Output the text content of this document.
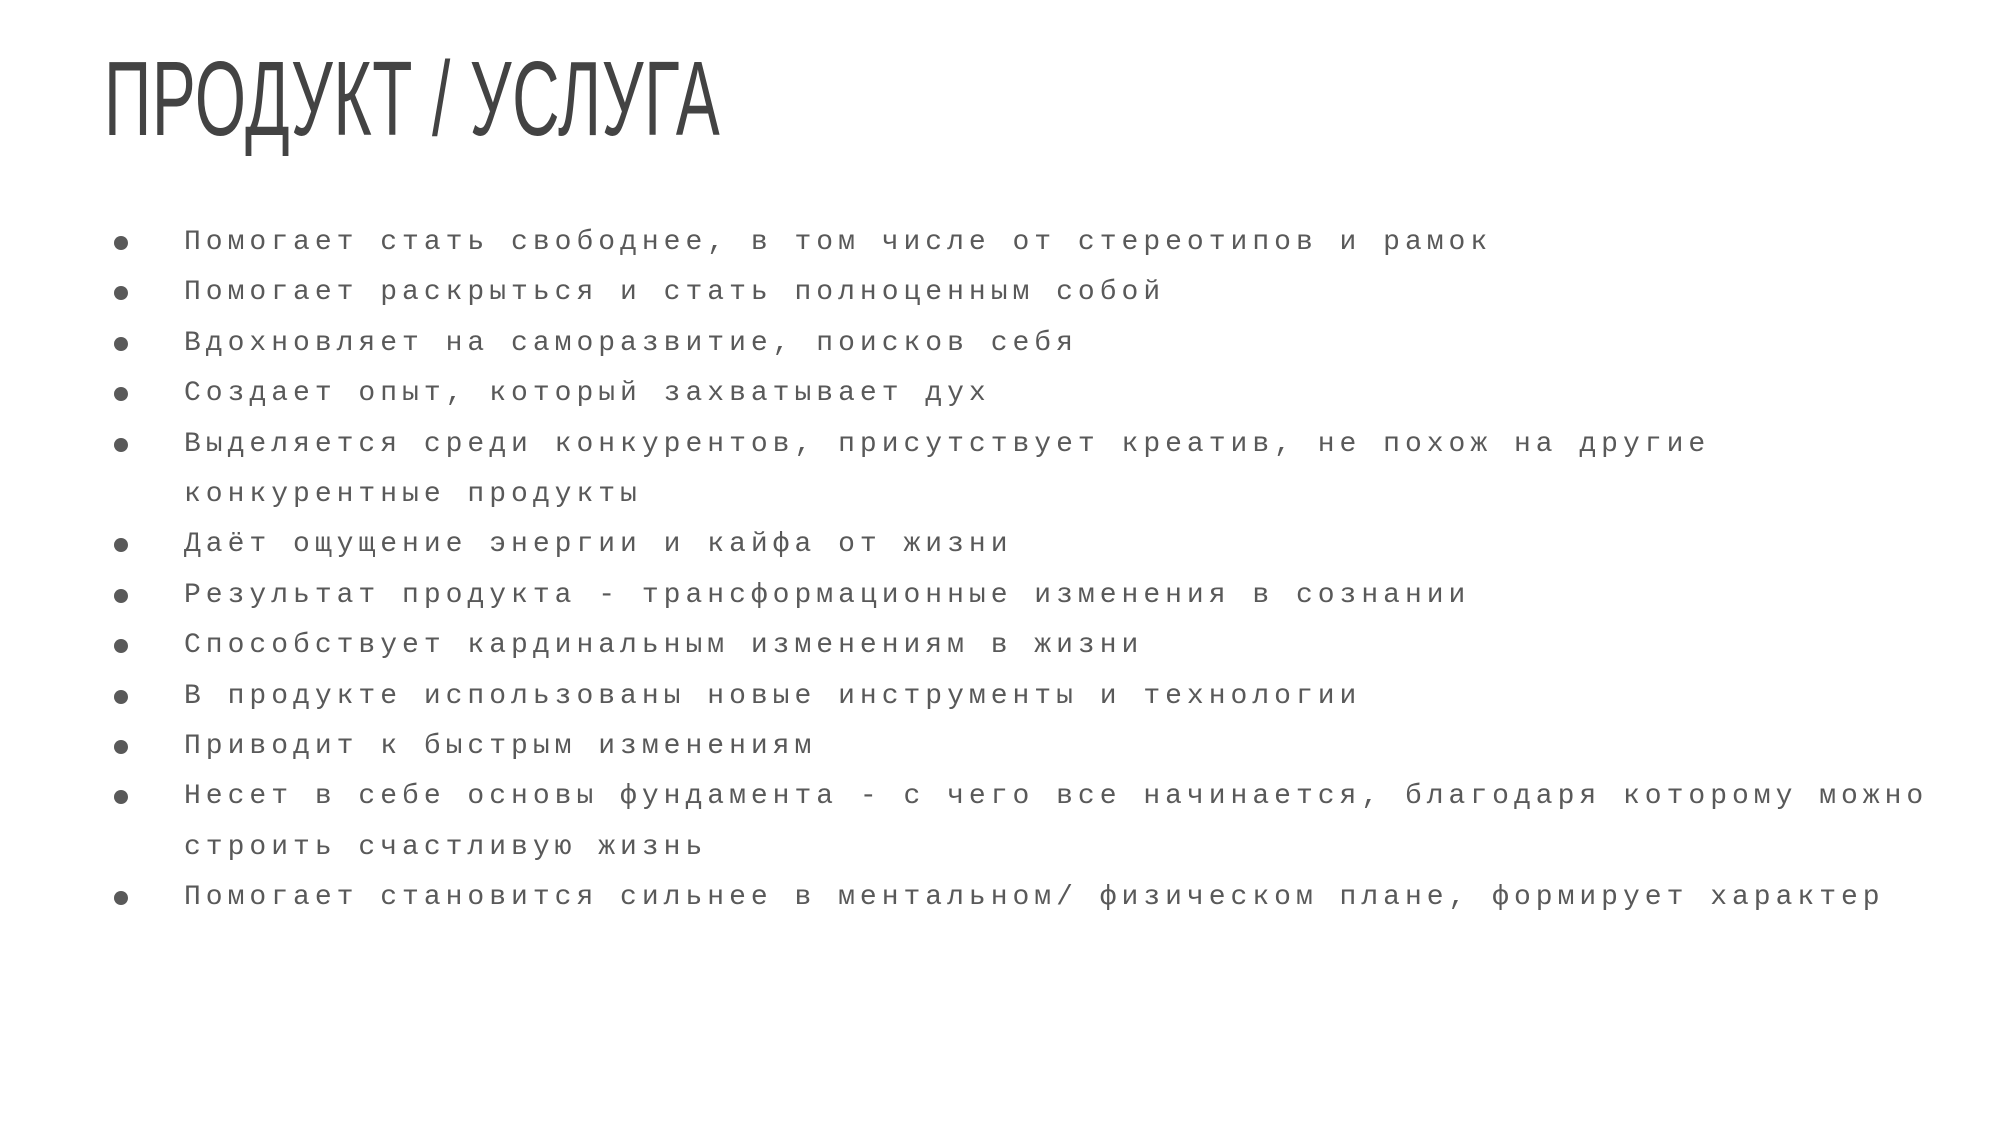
ПРОДУКТ / УСЛУГА
Помогает стать свободнее, в том числе от стереотипов и рамок
Помогает раскрыться и стать полноценным собой
Вдохновляет на саморазвитие, поисков себя
Создает опыт, который захватывает дух
Выделяется среди конкурентов, присутствует креатив, не похож на другие конкурентные продукты
Даёт ощущение энергии и кайфа от жизни
Результат продукта - трансформационные изменения в сознании
Способствует кардинальным изменениям в жизни
В продукте использованы новые инструменты и технологии
Приводит к быстрым изменениям
Несет в себе основы фундамента - с чего все начинается, благодаря которому можно строить счастливую жизнь
Помогает становится сильнее в ментальном/ физическом плане, формирует характер
